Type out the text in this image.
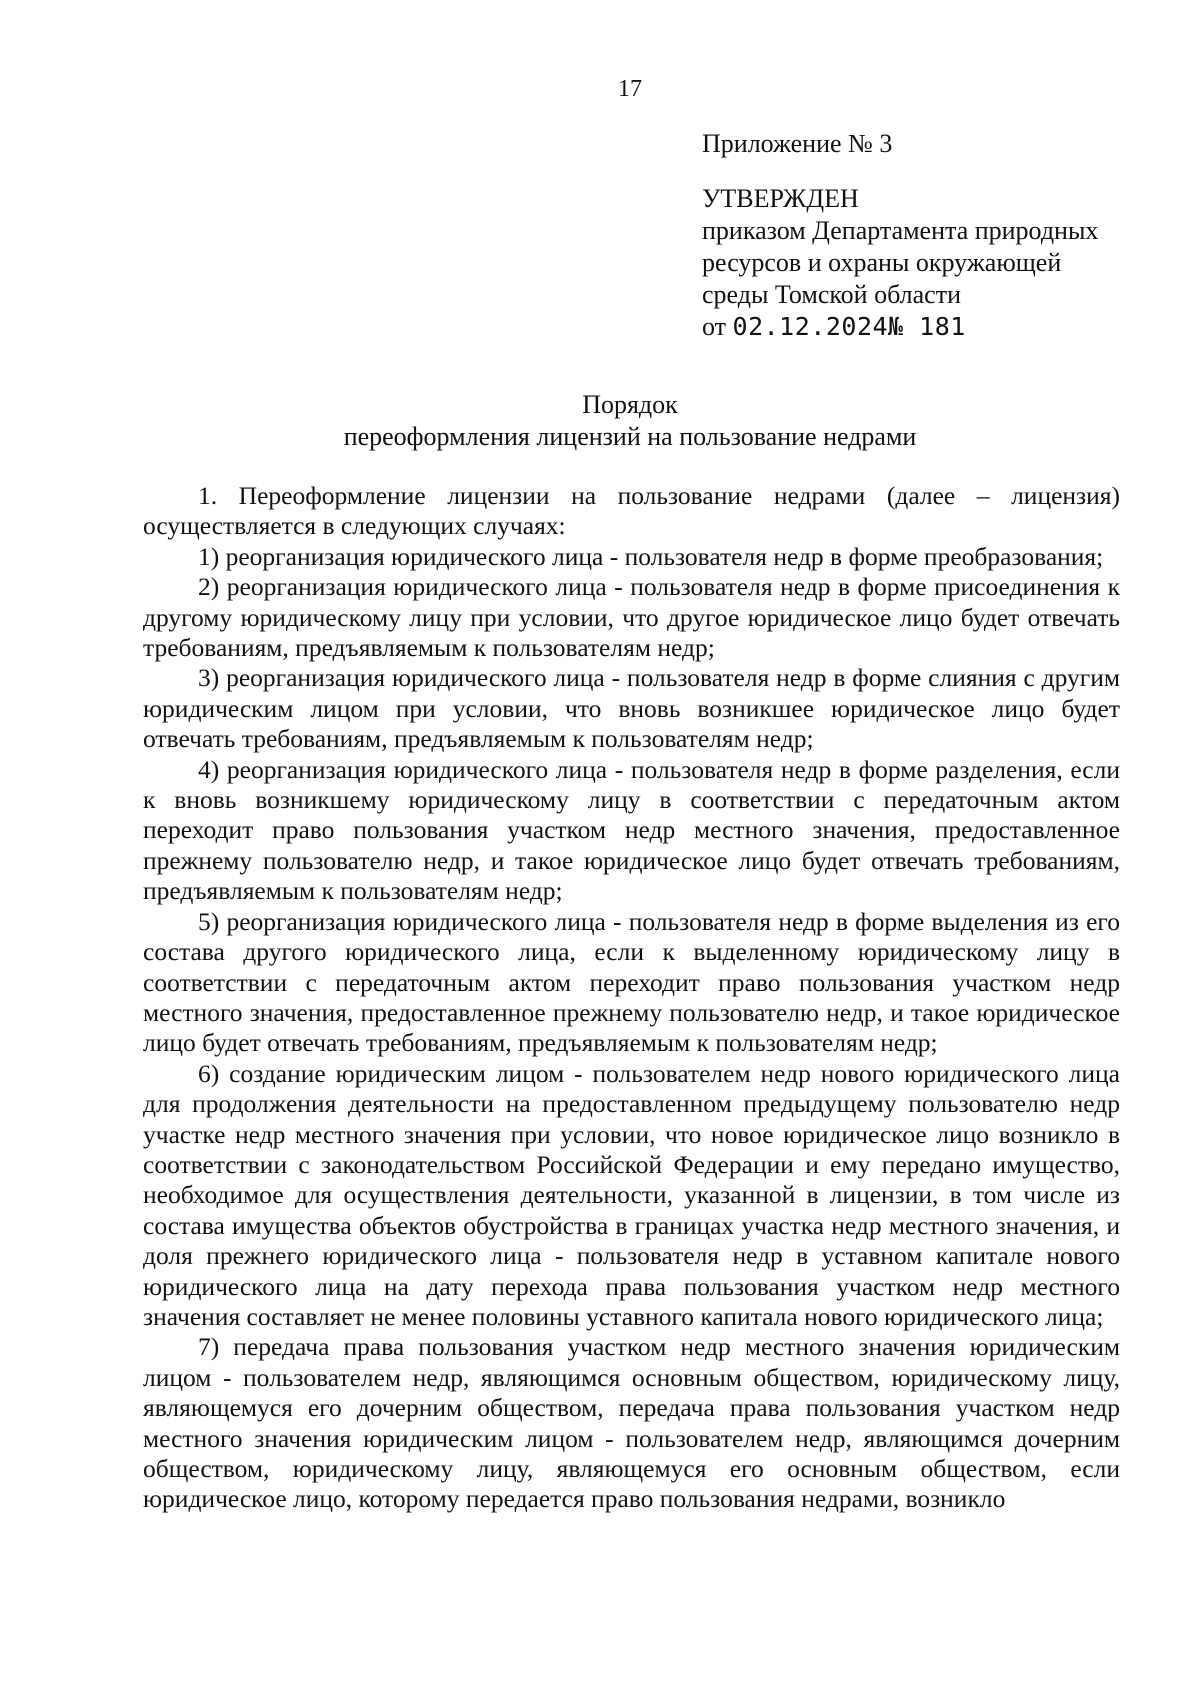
17
Приложение № 3
УТВЕРЖДЕН
приказом Департамента природных
ресурсов и охраны окружающей
среды Томской области
от 02.12.2024№ 181
Порядок
переоформления лицензий на пользование недрами

1. Переоформление лицензии на пользование недрами (далее – лицензия) осуществляется в следующих случаях:

1) реорганизация юридического лица - пользователя недр в форме преобразования;

2) реорганизация юридического лица - пользователя недр в форме присоединения к другому юридическому лицу при условии, что другое юридическое лицо будет отвечать требованиям, предъявляемым к пользователям недр;

3) реорганизация юридического лица - пользователя недр в форме слияния с другим юридическим лицом при условии, что вновь возникшее юридическое лицо будет отвечать требованиям, предъявляемым к пользователям недр;

4) реорганизация юридического лица - пользователя недр в форме разделения, если к вновь возникшему юридическому лицу в соответствии с передаточным актом переходит право пользования участком недр местного значения, предоставленное прежнему пользователю недр, и такое юридическое лицо будет отвечать требованиям, предъявляемым к пользователям недр;

5) реорганизация юридического лица - пользователя недр в форме выделения из его состава другого юридического лица, если к выделенному юридическому лицу в соответствии с передаточным актом переходит право пользования участком недр местного значения, предоставленное прежнему пользователю недр, и такое юридическое лицо будет отвечать требованиям, предъявляемым к пользователям недр;

6) создание юридическим лицом - пользователем недр нового юридического лица для продолжения деятельности на предоставленном предыдущему пользователю недр участке недр местного значения при условии, что новое юридическое лицо возникло в соответствии с законодательством Российской Федерации и ему передано имущество, необходимое для осуществления деятельности, указанной в лицензии, в том числе из состава имущества объектов обустройства в границах участка недр местного значения, и доля прежнего юридического лица - пользователя недр в уставном капитале нового юридического лица на дату перехода права пользования участком недр местного значения составляет не менее половины уставного капитала нового юридического лица;

7) передача права пользования участком недр местного значения юридическим лицом - пользователем недр, являющимся основным обществом, юридическому лицу, являющемуся его дочерним обществом, передача права пользования участком недр местного значения юридическим лицом - пользователем недр, являющимся дочерним обществом, юридическому лицу, являющемуся его основным обществом, если юридическое лицо, которому передается право пользования недрами, возникло
